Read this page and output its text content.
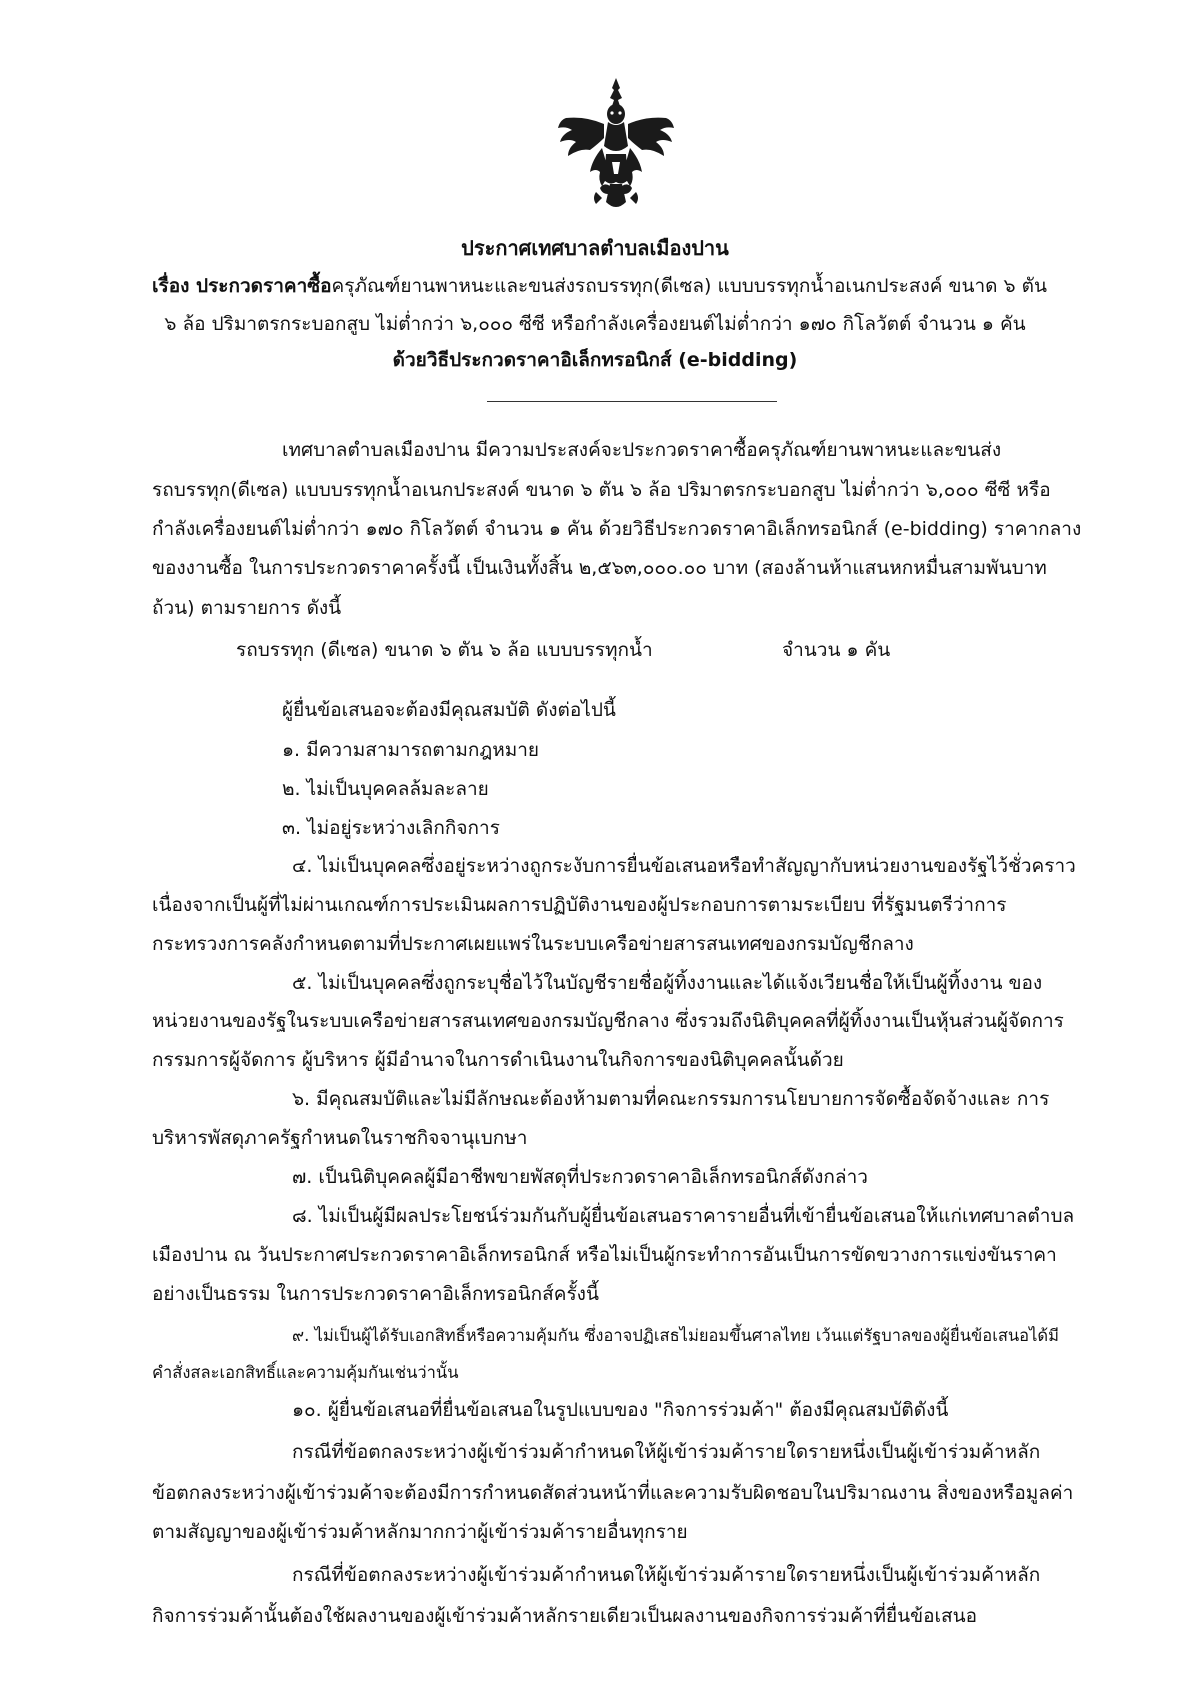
ประกาศเทศบาลตำบลเมืองปาน
เรื่อง ประกวดราคาซื้อครุภัณฑ์ยานพาหนะและขนส่งรถบรรทุก(ดีเซล) แบบบรรทุกน้ำอเนกประสงค์ ขนาด ๖ ตัน
๖ ล้อ ปริมาตรกระบอกสูบ ไม่ต่ำกว่า ๖,๐๐๐ ซีซี หรือกำลังเครื่องยนต์ไม่ต่ำกว่า ๑๗๐ กิโลวัตต์ จำนวน ๑ คัน
ด้วยวิธีประกวดราคาอิเล็กทรอนิกส์ (e-bidding)
เทศบาลตำบลเมืองปาน มีความประสงค์จะประกวดราคาซื้อครุภัณฑ์ยานพาหนะและขนส่ง
รถบรรทุก(ดีเซล) แบบบรรทุกน้ำอเนกประสงค์ ขนาด ๖ ตัน ๖ ล้อ ปริมาตรกระบอกสูบ ไม่ต่ำกว่า ๖,๐๐๐ ซีซี หรือ
กำลังเครื่องยนต์ไม่ต่ำกว่า ๑๗๐ กิโลวัตต์ จำนวน ๑ คัน ด้วยวิธีประกวดราคาอิเล็กทรอนิกส์ (e-bidding) ราคากลาง
ของงานซื้อ ในการประกวดราคาครั้งนี้ เป็นเงินทั้งสิ้น ๒,๕๖๓,๐๐๐.๐๐ บาท (สองล้านห้าแสนหกหมื่นสามพันบาท
ถ้วน) ตามรายการ ดังนี้
รถบรรทุก (ดีเซล) ขนาด ๖ ตัน ๖ ล้อ แบบบรรทุกน้ำ	จำนวน ๑ คัน
ผู้ยื่นข้อเสนอจะต้องมีคุณสมบัติ ดังต่อไปนี้
๑. มีความสามารถตามกฎหมาย
๒. ไม่เป็นบุคคลล้มละลาย
๓. ไม่อยู่ระหว่างเลิกกิจการ
๔. ไม่เป็นบุคคลซึ่งอยู่ระหว่างถูกระงับการยื่นข้อเสนอหรือทำสัญญากับหน่วยงานของรัฐไว้ชั่วคราว
เนื่องจากเป็นผู้ที่ไม่ผ่านเกณฑ์การประเมินผลการปฏิบัติงานของผู้ประกอบการตามระเบียบ ที่รัฐมนตรีว่าการ
กระทรวงการคลังกำหนดตามที่ประกาศเผยแพร่ในระบบเครือข่ายสารสนเทศของกรมบัญชีกลาง
๕. ไม่เป็นบุคคลซึ่งถูกระบุชื่อไว้ในบัญชีรายชื่อผู้ทิ้งงานและได้แจ้งเวียนชื่อให้เป็นผู้ทิ้งงาน ของ
หน่วยงานของรัฐในระบบเครือข่ายสารสนเทศของกรมบัญชีกลาง ซึ่งรวมถึงนิติบุคคลที่ผู้ทิ้งงานเป็นหุ้นส่วนผู้จัดการ
กรรมการผู้จัดการ ผู้บริหาร ผู้มีอำนาจในการดำเนินงานในกิจการของนิติบุคคลนั้นด้วย
๖. มีคุณสมบัติและไม่มีลักษณะต้องห้ามตามที่คณะกรรมการนโยบายการจัดซื้อจัดจ้างและ การ
บริหารพัสดุภาครัฐกำหนดในราชกิจจานุเบกษา
๗. เป็นนิติบุคคลผู้มีอาชีพขายพัสดุที่ประกวดราคาอิเล็กทรอนิกส์ดังกล่าว
๘. ไม่เป็นผู้มีผลประโยชน์ร่วมกันกับผู้ยื่นข้อเสนอราคารายอื่นที่เข้ายื่นข้อเสนอให้แก่เทศบาลตำบล
เมืองปาน ณ วันประกาศประกวดราคาอิเล็กทรอนิกส์ หรือไม่เป็นผู้กระทำการอันเป็นการขัดขวางการแข่งขันราคา
อย่างเป็นธรรม ในการประกวดราคาอิเล็กทรอนิกส์ครั้งนี้
๙. ไม่เป็นผู้ได้รับเอกสิทธิ์หรือความคุ้มกัน ซึ่งอาจปฏิเสธไม่ยอมขึ้นศาลไทย เว้นแต่รัฐบาลของผู้ยื่นข้อเสนอได้มี
คำสั่งสละเอกสิทธิ์และความคุ้มกันเช่นว่านั้น
๑๐. ผู้ยื่นข้อเสนอที่ยื่นข้อเสนอในรูปแบบของ "กิจการร่วมค้า" ต้องมีคุณสมบัติดังนี้
กรณีที่ข้อตกลงระหว่างผู้เข้าร่วมค้ากำหนดให้ผู้เข้าร่วมค้ารายใดรายหนึ่งเป็นผู้เข้าร่วมค้าหลัก
ข้อตกลงระหว่างผู้เข้าร่วมค้าจะต้องมีการกำหนดสัดส่วนหน้าที่และความรับผิดชอบในปริมาณงาน สิ่งของหรือมูลค่า
ตามสัญญาของผู้เข้าร่วมค้าหลักมากกว่าผู้เข้าร่วมค้ารายอื่นทุกราย
กรณีที่ข้อตกลงระหว่างผู้เข้าร่วมค้ากำหนดให้ผู้เข้าร่วมค้ารายใดรายหนึ่งเป็นผู้เข้าร่วมค้าหลัก
กิจการร่วมค้านั้นต้องใช้ผลงานของผู้เข้าร่วมค้าหลักรายเดียวเป็นผลงานของกิจการร่วมค้าที่ยื่นข้อเสนอ
